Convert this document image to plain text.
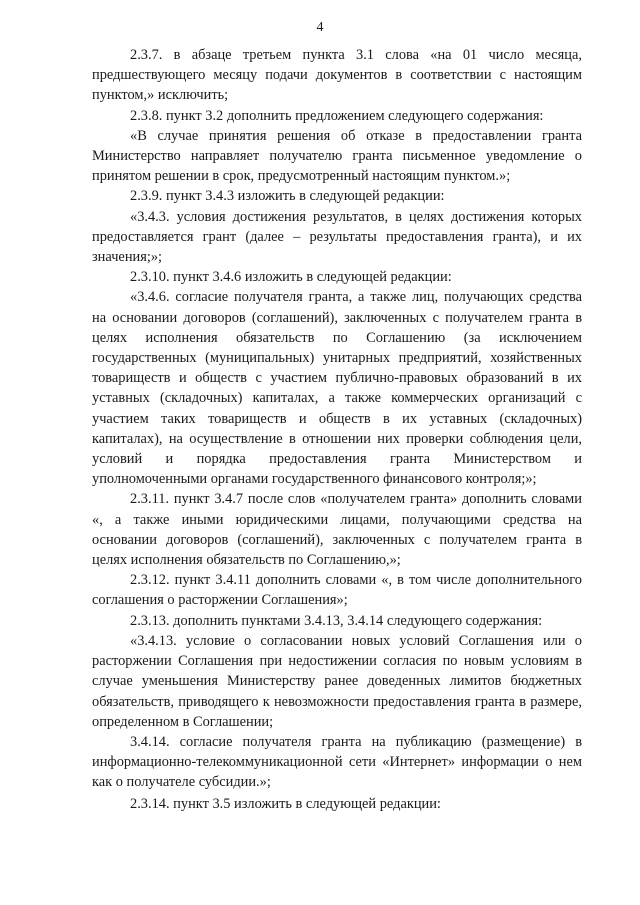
4

2.3.7. в абзаце третьем пункта 3.1 слова «на 01 число месяца, предшествующего месяцу подачи документов в соответствии с настоящим пунктом,» исключить;

2.3.8. пункт 3.2 дополнить предложением следующего содержания:

«В случае принятия решения об отказе в предоставлении гранта Министерство направляет получателю гранта письменное уведомление о принятом решении в срок, предусмотренный настоящим пунктом.»;

2.3.9. пункт 3.4.3 изложить в следующей редакции:

«3.4.3. условия достижения результатов, в целях достижения которых предоставляется грант (далее – результаты предоставления гранта), и их значения;»;

2.3.10. пункт 3.4.6 изложить в следующей редакции:

«3.4.6. согласие получателя гранта, а также лиц, получающих средства на основании договоров (соглашений), заключенных с получателем гранта в целях исполнения обязательств по Соглашению (за исключением государственных (муниципальных) унитарных предприятий, хозяйственных товариществ и обществ с участием публично-правовых образований в их уставных (складочных) капиталах, а также коммерческих организаций с участием таких товариществ и обществ в их уставных (складочных) капиталах), на осуществление в отношении них проверки соблюдения цели, условий и порядка предоставления гранта Министерством и уполномоченными органами государственного финансового контроля;»;

2.3.11. пункт 3.4.7 после слов «получателем гранта» дополнить словами «, а также иными юридическими лицами, получающими средства на основании договоров (соглашений), заключенных с получателем гранта в целях исполнения обязательств по Соглашению,»;

2.3.12. пункт 3.4.11 дополнить словами «, в том числе дополнительного соглашения о расторжении Соглашения»;

2.3.13. дополнить пунктами 3.4.13, 3.4.14 следующего содержания:

«3.4.13. условие о согласовании новых условий Соглашения или о расторжении Соглашения при недостижении согласия по новым условиям в случае уменьшения Министерству ранее доведенных лимитов бюджетных обязательств, приводящего к невозможности предоставления гранта в размере, определенном в Соглашении;

3.4.14. согласие получателя гранта на публикацию (размещение) в информационно-телекоммуникационной сети «Интернет» информации о нем как о получателе субсидии.»;

2.3.14. пункт 3.5 изложить в следующей редакции:
